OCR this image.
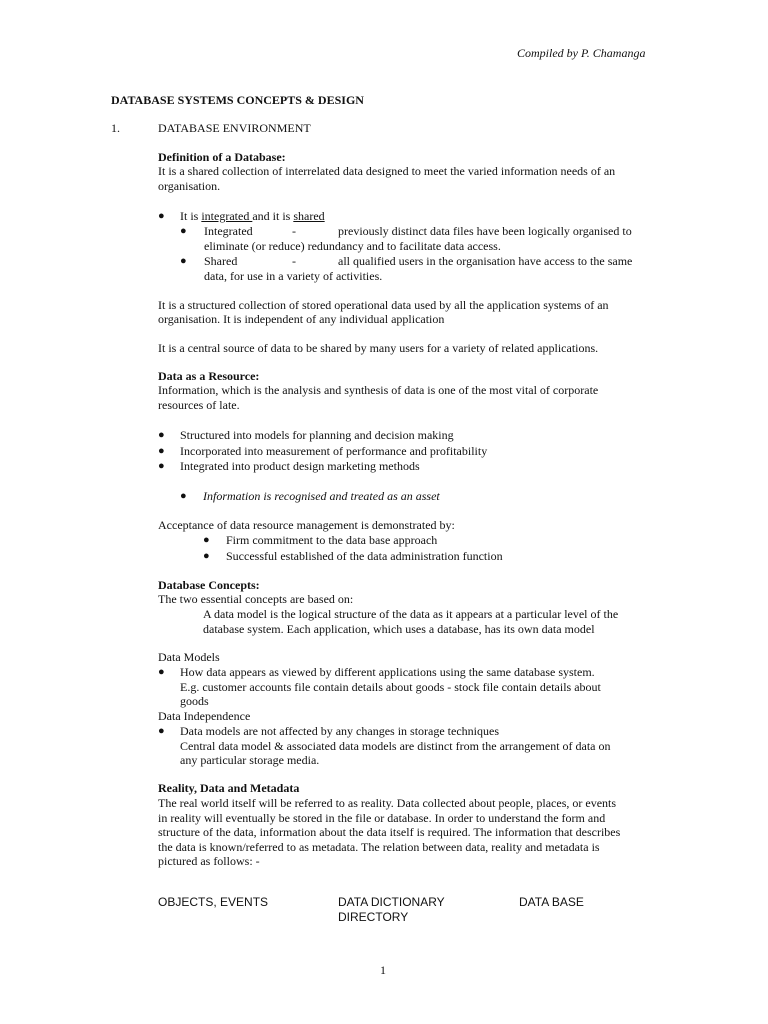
Compiled by P. Chamanga
DATABASE SYSTEMS CONCEPTS & DESIGN
1.	DATABASE ENVIRONMENT
Definition of a Database:
It is a shared collection of interrelated data designed to meet the varied information needs of an
organisation.
● It is integrated and it is shared
● Integrated	-	previously distinct data files have been logically organised to
eliminate (or reduce) redundancy and to facilitate data access.
● Shared	-	all qualified users in the organisation have access to the same
data, for use in a variety of activities.
It is a structured collection of stored operational data used by all the application systems of an
organisation. It is independent of any individual application
It is a central source of data to be shared by many users for a variety of related applications.
Data as a Resource:
Information, which is the analysis and synthesis of data is one of the most vital of corporate
resources of late.
● Structured into models for planning and decision making
● Incorporated into measurement of performance and profitability
● Integrated into product design marketing methods
● Information is recognised and treated as an asset
Acceptance of data resource management is demonstrated by:
● Firm commitment to the data base approach
● Successful established of the data administration function
Database Concepts:
The two essential concepts are based on:
A data model is the logical structure of the data as it appears at a particular level of the
database system. Each application, which uses a database, has its own data model
Data Models
● How data appears as viewed by different applications using the same database system.
E.g. customer accounts file contain details about goods - stock file contain details about
goods
Data Independence
● Data models are not affected by any changes in storage techniques
Central data model & associated data models are distinct from the arrangement of data on
any particular storage media.
Reality, Data and Metadata
The real world itself will be referred to as reality. Data collected about people, places, or events
in reality will eventually be stored in the file or database. In order to understand the form and
structure of the data, information about the data itself is required. The information that describes
the data is known/referred to as metadata. The relation between data, reality and metadata is
pictured as follows: -
OBJECTS, EVENTS	DATA DICTIONARY
DIRECTORY
DATA BASE
1
